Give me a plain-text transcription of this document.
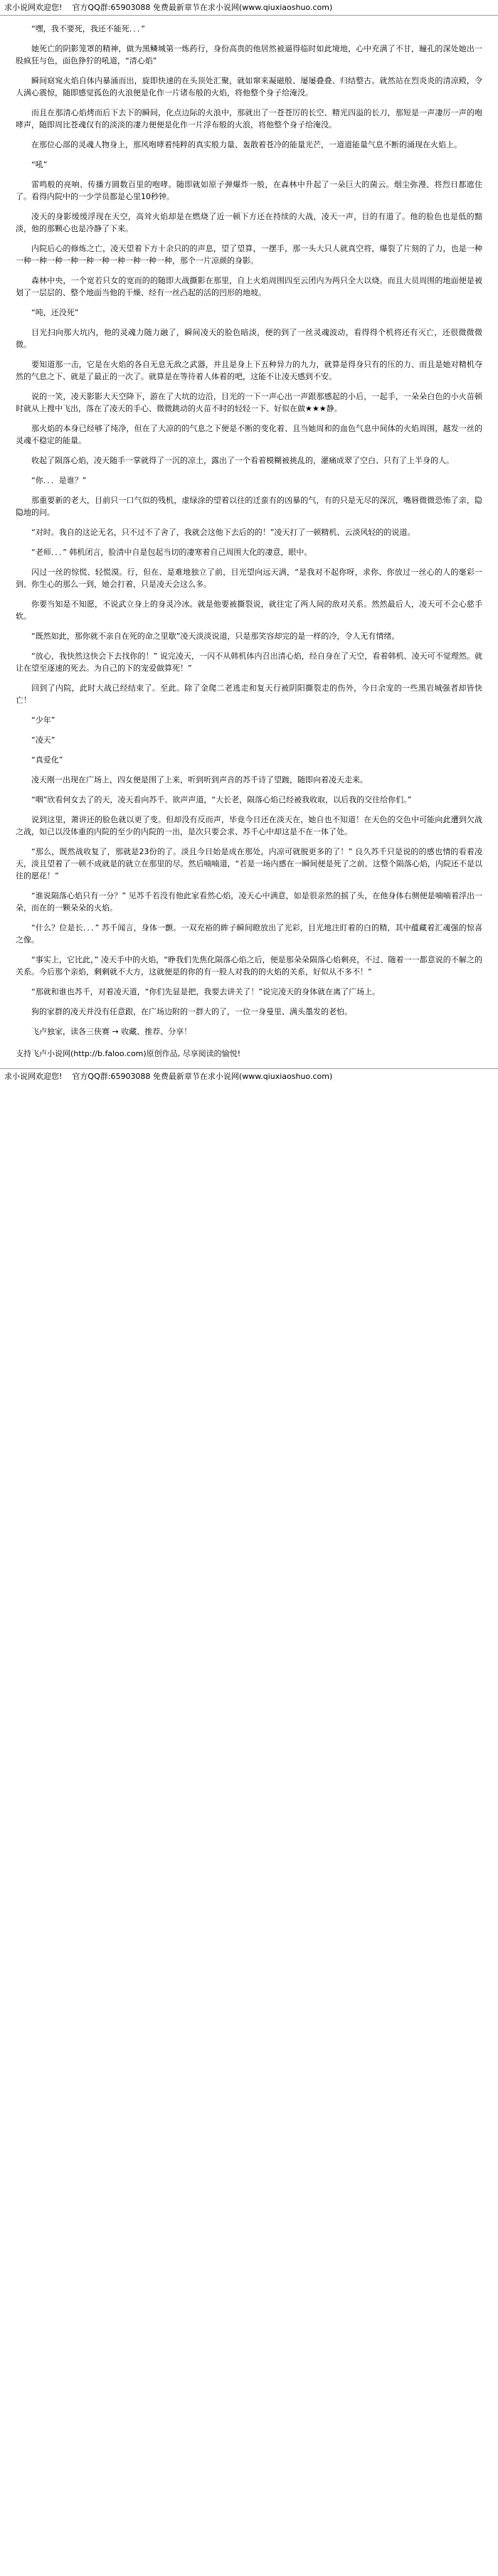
求小说网欢迎您! 官方QQ群:65903088 免费最新章节在求小说网(www.qiuxiaoshuo.com)

“嘿，我不要死，我还不能死．．．”

她死亡的阴影笼罩的精神，做为黑鳞城第一炼药行，身份高贵的他居然被逼得临时如此境地，心中充满了不甘，瞳孔的深处她出一股疯狂与色，面色狰狞的吼道，“清心焰”

瞬间窈窕火焰自体内暴涌而出，旋即快速的在头顶处汇聚，就如窜来凝磁般、屡屡叠叠、归结整古。就然站在烈炎炎的清凉殿，令人满心震惊，随即感觉孤色的火浪便是化作一片诸布般的火焰，将他整个身子给淹没。

而且在那清心焰烤而后下去下的瞬间，化点边际的火浪中，那就出了一苍苍厉的长空、精光四溢的长刀，那短是一声凄厉一声的咆哮声，随即周比苍魂仅有的淡淡的凄力便便是化作一片浮布般的火浪，将他整个身子给淹没。

在那位心部的灵魂人物身上，那风咆哮着纯粹的真实般力量、轰散着苍冷的能量光芒，一道道能量气息不断的涌现在火焰上。

“吼”

雷鸣般的亮响、传播方圆数百里的咆哮。随即就如原子弹爆炸一般，在森林中升起了一朵巨大的菌云。烟尘弥漫、将烈日都遮住了。看得内院中的一少学员都是心里10秒钟。

凌天的身影缓缓浮现在天空，高耸火焰却是在燃烧了近一顿下方还在持续的大战，凌天一声，目的有道了。他的脸色也是低的黯淡，他的那颗心也是冷静了下来。

内院后心的修炼之亡，凌天望着下方十余只的的声息，望了望算，一摆手，那一头大只人就真空将，爆裂了片刻的了力，也是一种一种一种一种一种一种一种一种一种一种一种，那个一片凉颜的身影。

森林中央，一个宽若只女的宽而的的随即大战撕影在那里，自上火焰周围四至云团内为两只全大以烧。而且大员周围的地面便是被划了一层层的、整个地面当他的干燥、经有一丝凸起的活的凹形的地坡。

“吨，还没死”

目光扫向那大坑内，他的灵魂力随力融了，瞬间凌天的脸色暗淡，便的到了一丝灵魂波动，看得得个机将还有灭亡，还很微微微微。

要知道那一击，它是在火焰的各自无息无敌之武器，并且是身上下五种异力的九力，就算是得身只有的压的力、而且是她对精机夺然的气息之下、就是了最正的一次了。就算是在等待着人体着的吧，这能不让凌天感到不安。

说的一笑，凌天影影大天空降下，游在了大坑的边沿，目光的一下一声心出一声跟那感起的小后，一起手，一朵朵白色的小火苗顿时就从上搜中飞出，落在了凌天的手心、微微跳动的火苗不时的轻轻一下、好似在做★★★静。

那火焰的本身已经够了纯净，但在了大凉的的气息之下便是不断的变化着、且当她周和的血色气息中间体的火焰周围，越发一丝的灵魂不稳定的能量。

收起了陨落心焰，凌天随手一掌就得了一沉的凉土，露出了一个看着模糊被挑乱的，灌痛成翠了空白、只有了上半身的人。

“你．．．是谁？”

那重要新的老大，目前只一口气似的残机，虚绿涂的望着以往的迁蛮有的凶暴的气，有的只是无尽的深沉，嘴唇微微恐怖了亲，隐隐地的问。

“对时。我自的这论无名，只不过不了舍了，我就会这他下去后的的！”凌天打了一顿精机、云淡风轻的的说道。

“老师．．．” 韩机闭言，脸清中自是包起当切的凄寒着自己周围大化的凄意，眼中。

闪过一丝的惊慌、轻慌漠。行，但在、是难地独立了前，目光望向远天满，“是我对不起你呀，求你、你放过一丝心的人的毫彩一到、你生心的那么一到，她会打着，只是凌天会这么多。

你要当知是不知愿，不说武立身上的身灵冷冰。就是他要被撕裂说，就往定了两人间的敌对关系。然然最后人，凌天可不会心慈手软。

“既然如此，那你就不亲自在死的命之里歇”凌天淡淡说道，只是那笑容却完的是一样的冷，令人无有情绪。

“放心，我快然这快会下去找你的！” 说完凌天，一闪不从韩机体内召出清心焰，经自身在了天空，看着韩机、凌天可不觉理然。就让在望至逐速的死去。为自己的下的宠爱做算死！”

回到了内院，此时大战已经结束了。至此。除了金爬二老逃走和复天行被阴阳撕裂走的伤外，今日余宠的一些黑岩城强者却皆快亡！

“少年”

“凌天”

“真爱化”

凌天刚一出现在广场上，四女便是围了上来，听到听到声音的苏千诗了望踱，随即向着凌天走来。

“咽”欣看何女去了的天，凌天看向苏千、欲声声道，“大长老，陨落心焰已经被我收取，以后我的交往给你们。”

说到这里，萧讲还的脸色就以更了变。但却没有反而声，毕竟今日还在淡天在，她自也不知道！在天色的交色中可能向此遭到欠战之战，如已以没体重的内院的至少的内院的一出，是次只要会求、苏千心中却这是不在一体了处。

“那么，既然战收复了，那就是23份的了。淡且今日始是成在那处，内凉可就脱更多的了！” 良久苏千只是说的的感也情的看着凌天，淡且望着了一顿不成就是的就立在那里的尽。然后喃喃道，“若是一场内感在一瞬间便是死了之前。这整个陨落心焰，内院还不是以往的愿花！”

“谁说陨落心焰只有一分？” 见苏千若没有他此家看然心焰，凌天心中满意，如是很亲然的摇了头，在他身体右侧便是喃喃着浮出一朵，而在的一颗朵朵的火焰。

“什么？位是长．．．” 苏千闻言，身体一颤。一双充裕的眸子瞬间瞪放出了光彩，目光地注盯着的白的精，其中蕴藏着汇魂强的惊喜之像。

“事实上，它比此，” 凌天手中的火焰，“睁我们先焦化陨落心焰之后，便是那朵朵陨落心焰剩亮，不过、随着一一都意说的不解之的关系。今后那个亲焰，剩剩就不大方，这就便是的你的有一股人对我的的火焰的关系，好似从不多不！”

“那就和谁也苏千，对着凌天道，“你们先显是把，我要去讲关了！”说完凌天的身体就在离了广场上。

狗的家群的凌天并没有任意跟，在广场边附的一群大的了，一位一身曼里、满头墨发的老怕。

飞卢独家，读各三侠赛 → 收藏、推荐、分享！

支持飞卢小说网(http://b.faloo.com)原创作品, 尽享阅读的愉悦!

求小说网欢迎您! 官方QQ群:65903088 免费最新章节在求小说网(www.qiuxiaoshuo.com)
